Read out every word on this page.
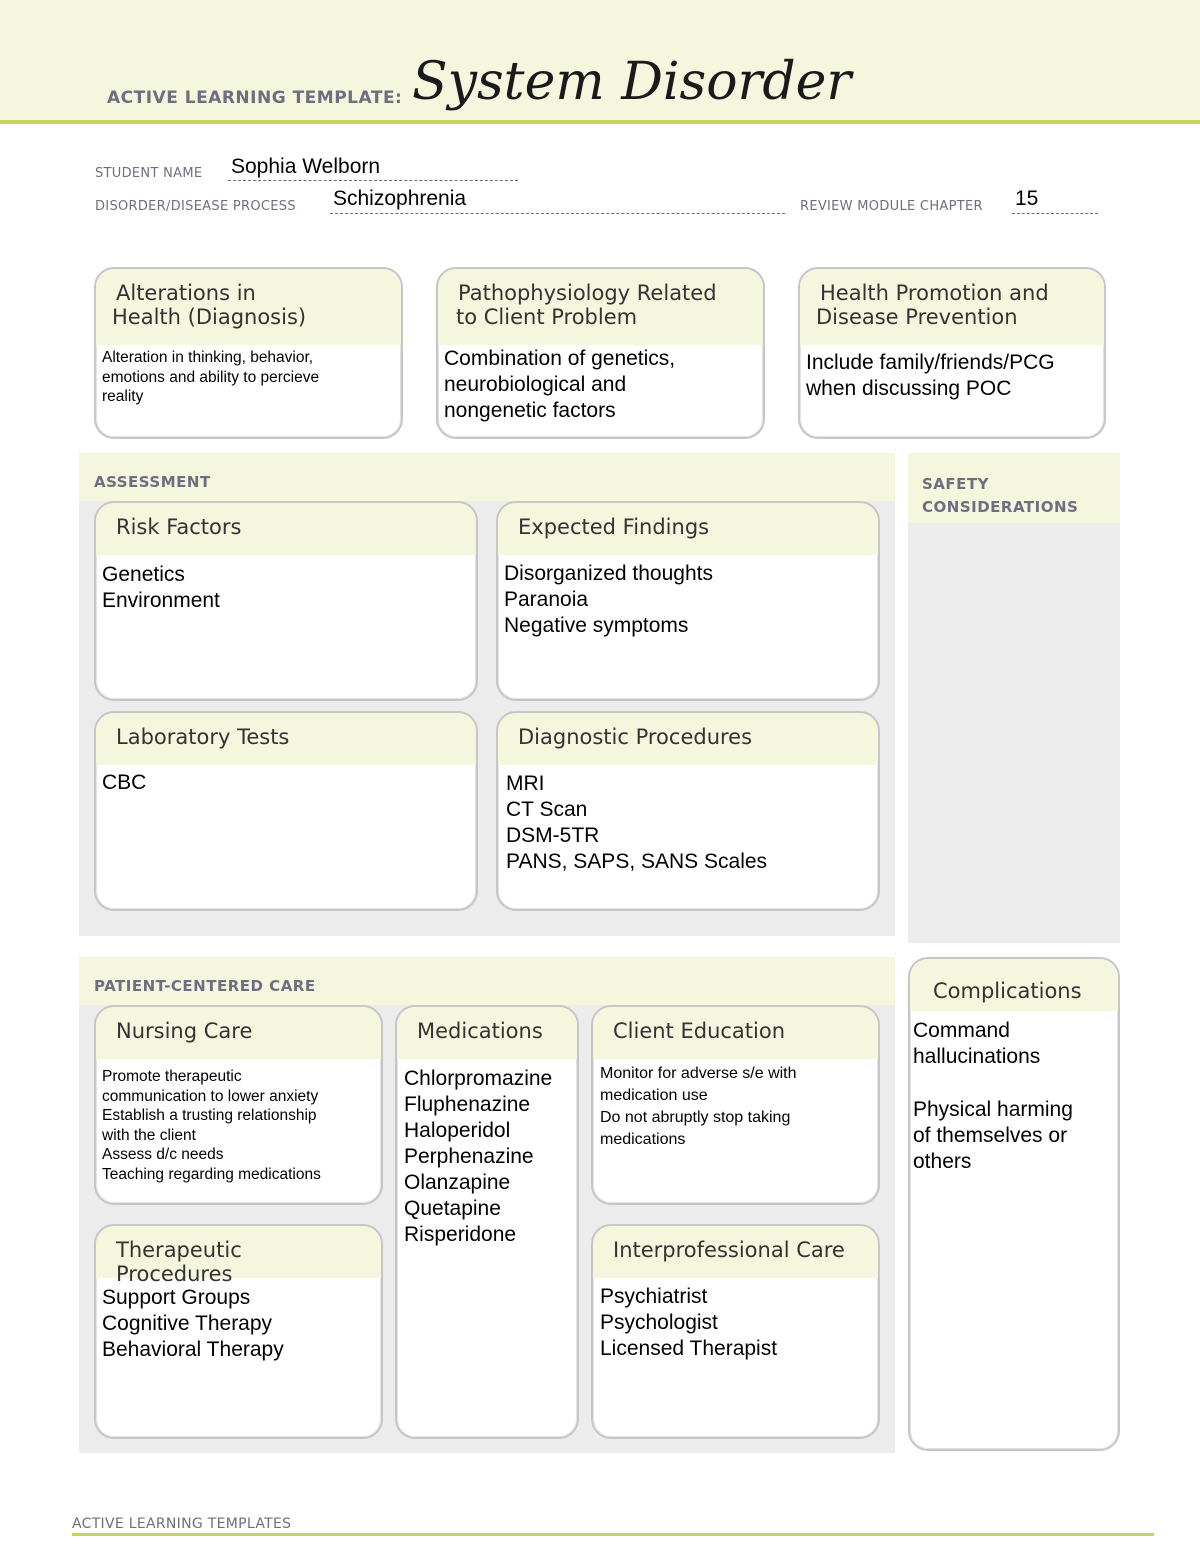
ACTIVE LEARNING TEMPLATE: System Disorder
STUDENT NAME Sophia Welborn
DISORDER/DISEASE PROCESS Schizophrenia	REVIEW MODULE CHAPTER 15
Alterations in
Health (Diagnosis)
Alteration in thinking, behavior,
emotions and ability to percieve
reality
Pathophysiology Related
to Client Problem
Combination of genetics,
neurobiological and
nongenetic factors
Health Promotion and
Disease Prevention
Include family/friends/PCG
when discussing POC
ASSESSMENT
Risk Factors
Genetics
Environment
Expected Findings
Disorganized thoughts
Paranoia
Negative symptoms
Laboratory Tests
CBC
Diagnostic Procedures
MRI
CT Scan
DSM-5TR
PANS, SAPS, SANS Scales
SAFETY
CONSIDERATIONS
Complications
Command
hallucinations
Physical harming
of themselves or
others
PATIENT-CENTERED CARE
Nursing Care
Promote therapeutic
communication to lower anxiety
Establish a trusting relationship
with the client
Assess d/c needs
Teaching regarding medications
Medications
Chlorpromazine
Fluphenazine
Haloperidol
Perphenazine
Olanzapine
Quetapine
Risperidone
Client Education
Monitor for adverse s/e with
medication use
Do not abruptly stop taking
medications
Therapeutic Procedures
Support Groups
Cognitive Therapy
Behavioral Therapy
Interprofessional Care
Psychiatrist
Psychologist
Licensed Therapist
ACTIVE LEARNING TEMPLATES
